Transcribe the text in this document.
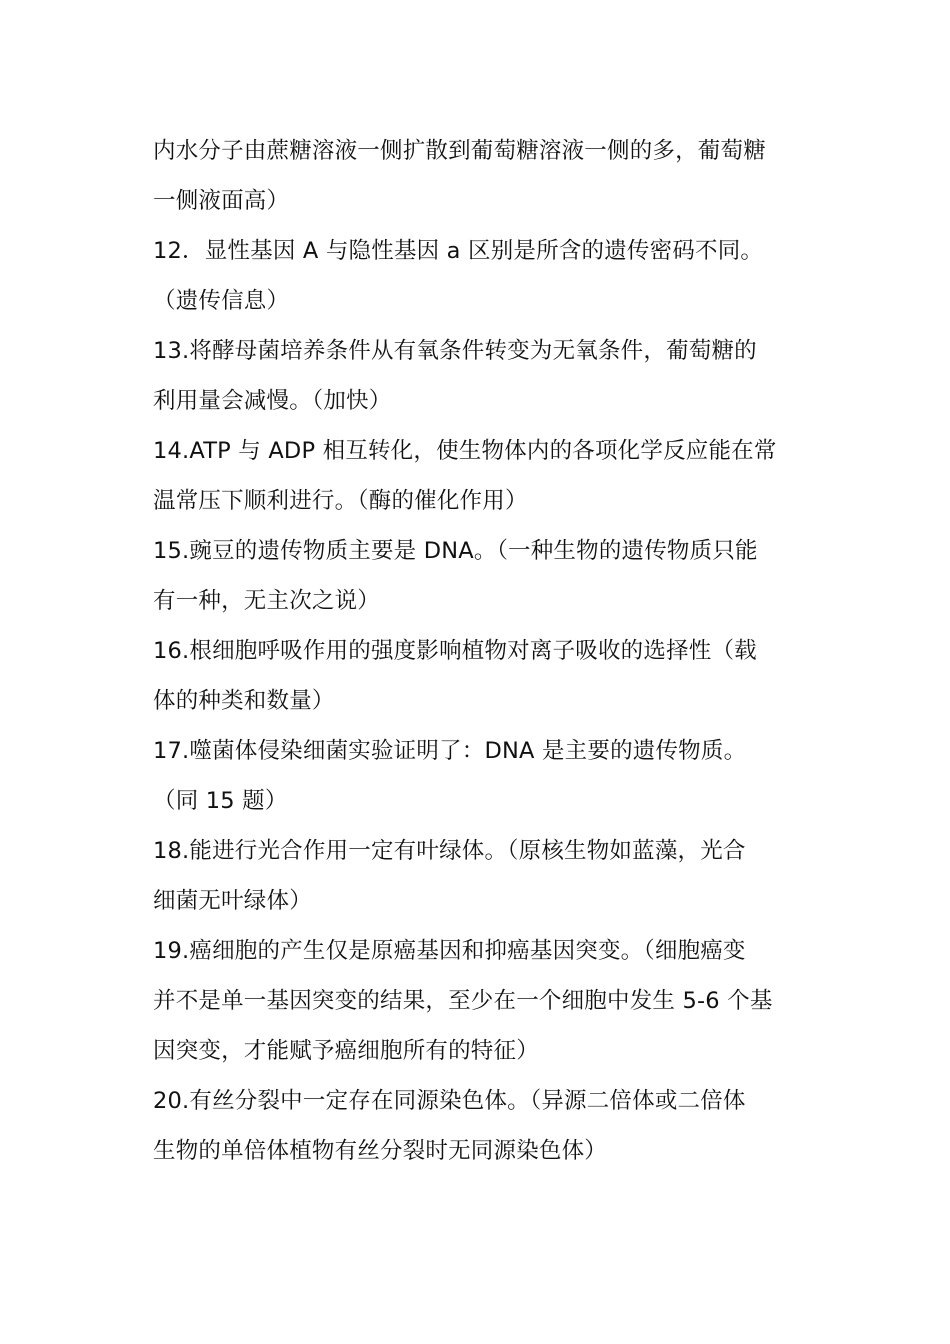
内水分子由蔗糖溶液一侧扩散到葡萄糖溶液一侧的多，葡萄糖
一侧液面高）
12．显性基因 A 与隐性基因 a 区别是所含的遗传密码不同。
（遗传信息）
13.将酵母菌培养条件从有氧条件转变为无氧条件，葡萄糖的
利用量会减慢。（加快）
14.ATP 与 ADP 相互转化，使生物体内的各项化学反应能在常
温常压下顺利进行。（酶的催化作用）
15.豌豆的遗传物质主要是 DNA。（一种生物的遗传物质只能
有一种，无主次之说）
16.根细胞呼吸作用的强度影响植物对离子吸收的选择性（载
体的种类和数量）
17.噬菌体侵染细菌实验证明了：DNA 是主要的遗传物质。
（同 15 题）
18.能进行光合作用一定有叶绿体。（原核生物如蓝藻，光合
细菌无叶绿体）
19.癌细胞的产生仅是原癌基因和抑癌基因突变。（细胞癌变
并不是单一基因突变的结果，至少在一个细胞中发生 5-6 个基
因突变，才能赋予癌细胞所有的特征）
20.有丝分裂中一定存在同源染色体。（异源二倍体或二倍体
生物的单倍体植物有丝分裂时无同源染色体）
